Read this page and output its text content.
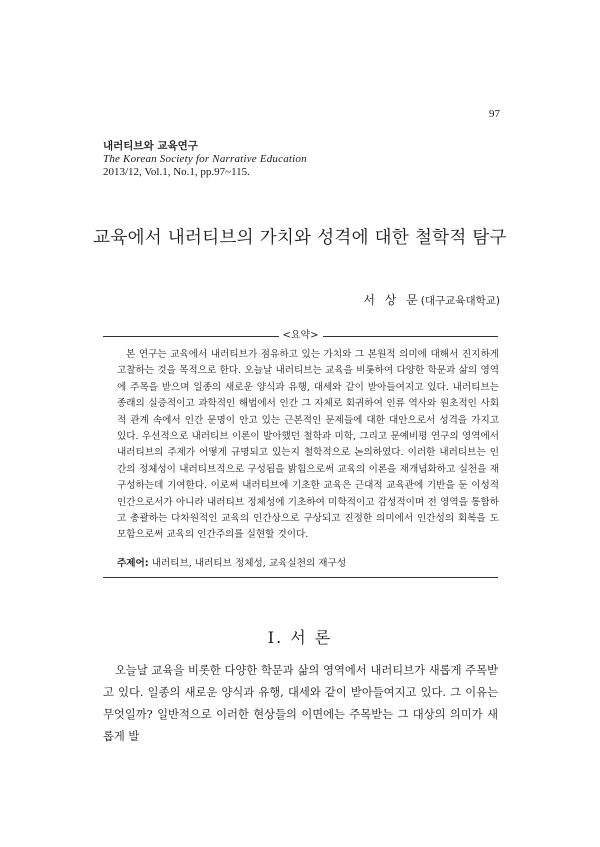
97
내러티브와 교육연구
The Korean Society for Narrative Education
2013/12, Vol.1, No.1, pp.97~115.
교육에서 내러티브의 가치와 성격에 대한 철학적 탐구
서 상 문(대구교육대학교)
<요약>

본 연구는 교육에서 내러티브가 점유하고 있는 가치와 그 본원적 의미에 대해서 진지하게 고찰하는 것을 목적으로 한다. 오늘날 내러티브는 교육을 비롯하여 다양한 학문과 삶의 영역에 주목을 받으며 일종의 새로운 양식과 유행, 대세와 같이 받아들여지고 있다. 내러티브는 종래의 실증적이고 과학적인 해법에서 인간 그 자체로 회귀하여 인류 역사와 원초적인 사회적 관계 속에서 인간 문명이 안고 있는 근본적인 문제들에 대한 대안으로서 성격을 가지고 있다. 우선적으로 내러티브 이론이 발아했던 철학과 미학, 그리고 문예비평 연구의 영역에서 내러티브의 주제가 어떻게 규명되고 있는지 철학적으로 논의하였다. 이러한 내러티브는 인간의 정체성이 내러티브적으로 구성됨을 밝힘으로써 교육의 이론을 재개념화하고 실천을 재구성하는데 기여한다. 이로써 내러티브에 기초한 교육은 근대적 교육관에 기반을 둔 이성적 인간으로서가 아니라 내러티브 정체성에 기초하여 미학적이고 감성적이며 전 영역을 통합하고 총괄하는 다차원적인 교육의 인간상으로 구상되고 진정한 의미에서 인간성의 회복을 도모함으로써 교육의 인간주의를 실현할 것이다.

주제어: 내러티브, 내러티브 정체성, 교육실천의 재구성
Ⅰ. 서 론

오늘날 교육을 비롯한 다양한 학문과 삶의 영역에서 내러티브가 새롭게 주목받고 있다. 일종의 새로운 양식과 유행, 대세와 같이 받아들여지고 있다. 그 이유는 무엇일까? 일반적으로 이러한 현상들의 이면에는 주목받는 그 대상의 의미가 새롭게 발
